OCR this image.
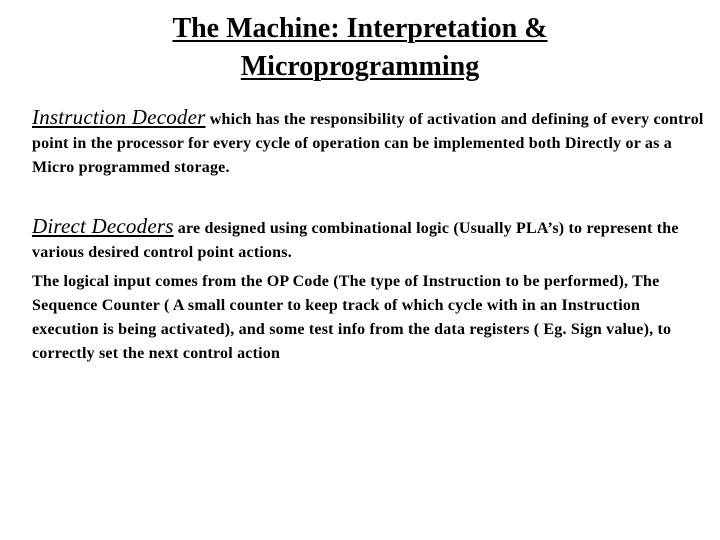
The Machine: Interpretation &
Microprogramming

Instruction Decoder which has the responsibility of activation and defining of every control point in the processor for every cycle of operation can be implemented both Directly or as a Micro programmed storage.

Direct Decoders are designed using combinational logic (Usually PLA’s) to represent the various desired control point actions.

The logical input comes from the OP Code (The type of Instruction to be performed), The Sequence Counter ( A small counter to keep track of which cycle with in an Instruction execution is being activated), and some test info from the data registers ( Eg. Sign value), to correctly set the next control action
